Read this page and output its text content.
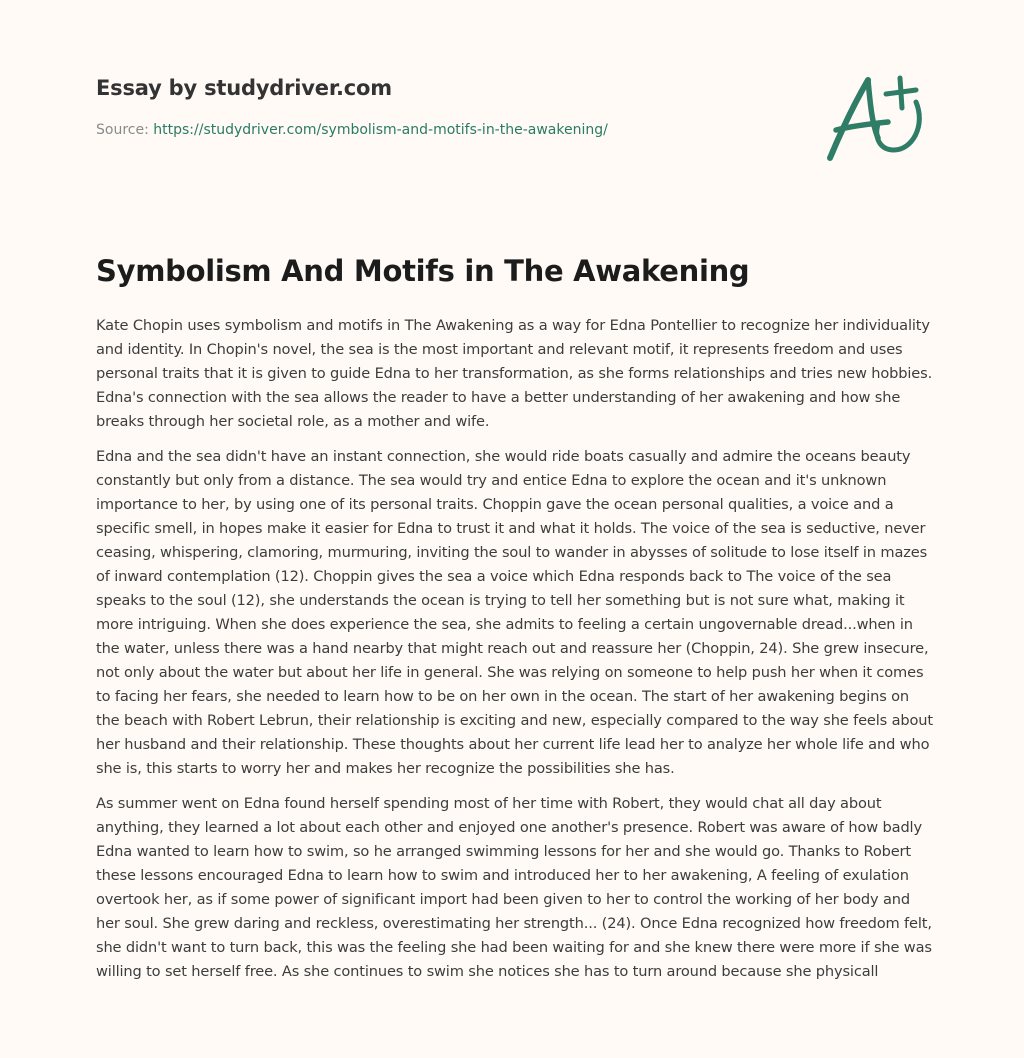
Essay by studydriver.com
Source: https://studydriver.com/symbolism-and-motifs-in-the-awakening/
Symbolism And Motifs in The Awakening

Kate Chopin uses symbolism and motifs in The Awakening as a way for Edna Pontellier to recognize her individuality and identity. In Chopin's novel, the sea is the most important and relevant motif, it represents freedom and uses personal traits that it is given to guide Edna to her transformation, as she forms relationships and tries new hobbies. Edna's connection with the sea allows the reader to have a better understanding of her awakening and how she breaks through her societal role, as a mother and wife.

Edna and the sea didn't have an instant connection, she would ride boats casually and admire the oceans beauty constantly but only from a distance. The sea would try and entice Edna to explore the ocean and it's unknown importance to her, by using one of its personal traits. Choppin gave the ocean personal qualities, a voice and a specific smell, in hopes make it easier for Edna to trust it and what it holds. The voice of the sea is seductive, never ceasing, whispering, clamoring, murmuring, inviting the soul to wander in abysses of solitude to lose itself in mazes of inward contemplation (12). Choppin gives the sea a voice which Edna responds back to The voice of the sea speaks to the soul (12), she understands the ocean is trying to tell her something but is not sure what, making it more intriguing. When she does experience the sea, she admits to feeling a certain ungovernable dread...when in the water, unless there was a hand nearby that might reach out and reassure her (Choppin, 24). She grew insecure, not only about the water but about her life in general. She was relying on someone to help push her when it comes to facing her fears, she needed to learn how to be on her own in the ocean. The start of her awakening begins on the beach with Robert Lebrun, their relationship is exciting and new, especially compared to the way she feels about her husband and their relationship. These thoughts about her current life lead her to analyze her whole life and who she is, this starts to worry her and makes her recognize the possibilities she has.

As summer went on Edna found herself spending most of her time with Robert, they would chat all day about anything, they learned a lot about each other and enjoyed one another's presence. Robert was aware of how badly Edna wanted to learn how to swim, so he arranged swimming lessons for her and she would go. Thanks to Robert these lessons encouraged Edna to learn how to swim and introduced her to her awakening, A feeling of exulation overtook her, as if some power of significant import had been given to her to control the working of her body and her soul. She grew daring and reckless, overestimating her strength... (24). Once Edna recognized how freedom felt, she didn't want to turn back, this was the feeling she had been waiting for and she knew there were more if she was willing to set herself free. As she continues to swim she notices she has to turn around because she physicall
